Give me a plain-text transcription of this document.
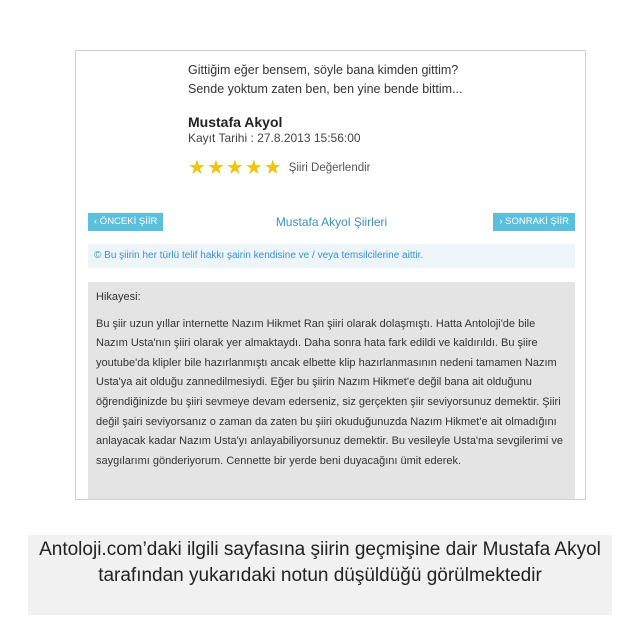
Gittiğim eğer bensem, söyle bana kimden gittim?
Sende yoktum zaten ben, ben yine bende bittim...
Mustafa Akyol
Kayıt Tarihi : 27.8.2013 15:56:00
★ ★ ★ ★ ★ Şiiri Değerlendir
‹ ÖNCEKİ ŞİİR	Mustafa Akyol Şiirleri	› SONRAKİ ŞİİR
© Bu şiirin her türlü telif hakkı şairin kendisine ve / veya temsilcilerine aittir.
Hikayesi:
Bu şiir uzun yıllar internette Nazım Hikmet Ran şiiri olarak dolaşmıştı. Hatta Antoloji'de bile Nazım Usta'nın şiiri olarak yer almaktaydı. Daha sonra hata fark edildi ve kaldırıldı. Bu şiire youtube'da klipler bile hazırlanmıştı ancak elbette klip hazırlanmasının nedeni tamamen Nazım Usta'ya ait olduğu zannedilmesiydi. Eğer bu şiirin Nazım Hikmet'e değil bana ait olduğunu öğrendiğinizde bu şiiri sevmeye devam ederseniz, siz gerçekten şiir seviyorsunuz demektir. Şiiri değil şairi seviyorsanız o zaman da zaten bu şiiri okuduğunuzda Nazım Hikmet'e ait olmadığını anlayacak kadar Nazım Usta'yı anlayabiliyorsunuz demektir. Bu vesileyle Usta'ma sevgilerimi ve saygılarımı gönderiyorum. Cennette bir yerde beni duyacağını ümit ederek.
Antoloji.com’daki ilgili sayfasına şiirin geçmişine dair Mustafa Akyol tarafından yukarıdaki notun düşüldüğü görülmektedir
